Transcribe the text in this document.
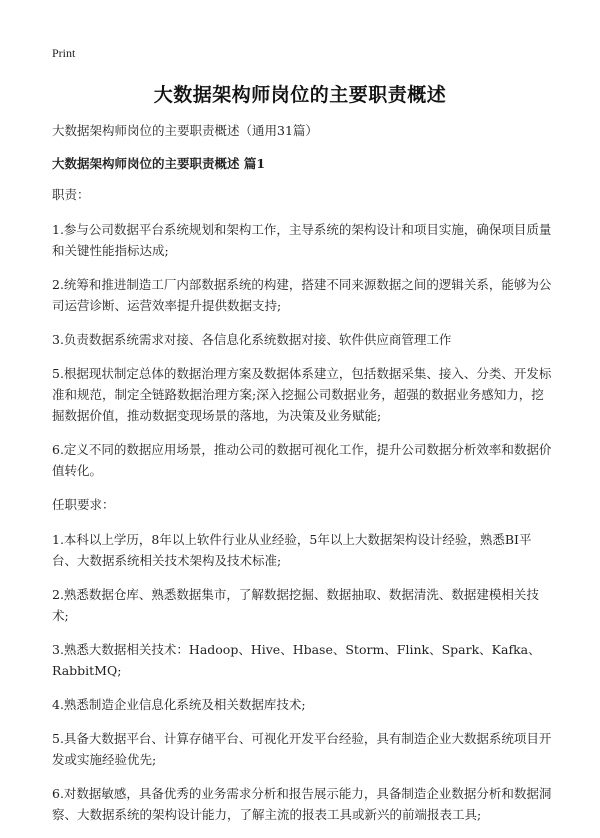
Print
大数据架构师岗位的主要职责概述

大数据架构师岗位的主要职责概述（通用31篇）

大数据架构师岗位的主要职责概述 篇1

职责：

1.参与公司数据平台系统规划和架构工作，主导系统的架构设计和项目实施，确保项目质量和关键性能指标达成;

2.统筹和推进制造工厂内部数据系统的构建，搭建不同来源数据之间的逻辑关系，能够为公司运营诊断、运营效率提升提供数据支持;

3.负责数据系统需求对接、各信息化系统数据对接、软件供应商管理工作

5.根据现状制定总体的数据治理方案及数据体系建立，包括数据采集、接入、分类、开发标准和规范，制定全链路数据治理方案;深入挖掘公司数据业务，超强的数据业务感知力，挖掘数据价值，推动数据变现场景的落地，为决策及业务赋能;

6.定义不同的数据应用场景，推动公司的数据可视化工作，提升公司数据分析效率和数据价值转化。

任职要求：

1.本科以上学历，8年以上软件行业从业经验，5年以上大数据架构设计经验，熟悉BI平台、大数据系统相关技术架构及技术标准;

2.熟悉数据仓库、熟悉数据集市，了解数据挖掘、数据抽取、数据清洗、数据建模相关技术;

3.熟悉大数据相关技术：Hadoop、Hive、Hbase、Storm、Flink、Spark、Kafka、RabbitMQ;

4.熟悉制造企业信息化系统及相关数据库技术;

5.具备大数据平台、计算存储平台、可视化开发平台经验，具有制造企业大数据系统项目开发或实施经验优先;

6.对数据敏感，具备优秀的业务需求分析和报告展示能力，具备制造企业数据分析和数据洞察、大数据系统的架构设计能力，了解主流的报表工具或新兴的前端报表工具;
